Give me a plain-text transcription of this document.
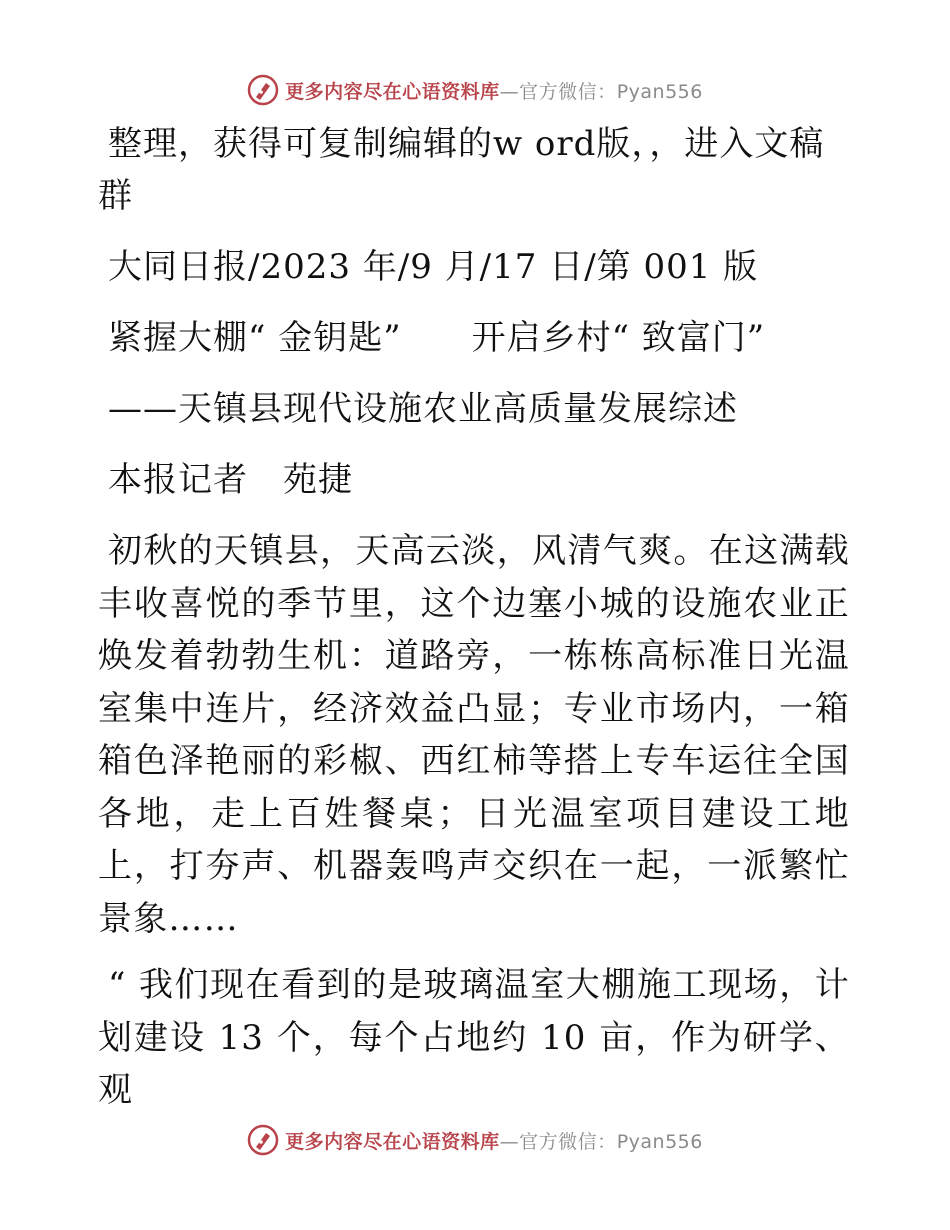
更多内容尽在心语资料库—官方微信：Pyan556

整理，获得可复制编辑的w ord版，，进入文稿群

大同日报/2023 年/9 月/17 日/第 001 版

紧握大棚“ 金钥匙”　　开启乡村“ 致富门”

——天镇县现代设施农业高质量发展综述

本报记者　苑捷

初秋的天镇县，天高云淡，风清气爽。在这满载丰收喜悦的季节里，这个边塞小城的设施农业正焕发着勃勃生机：道路旁，一栋栋高标准日光温室集中连片，经济效益凸显；专业市场内，一箱箱色泽艳丽的彩椒、西红柿等搭上专车运往全国各地，走上百姓餐桌；日光温室项目建设工地上，打夯声、机器轰鸣声交织在一起，一派繁忙景象……

“ 我们现在看到的是玻璃温室大棚施工现场，计划建设 13 个，每个占地约 10 亩，作为研学、观

更多内容尽在心语资料库—官方微信：Pyan556
